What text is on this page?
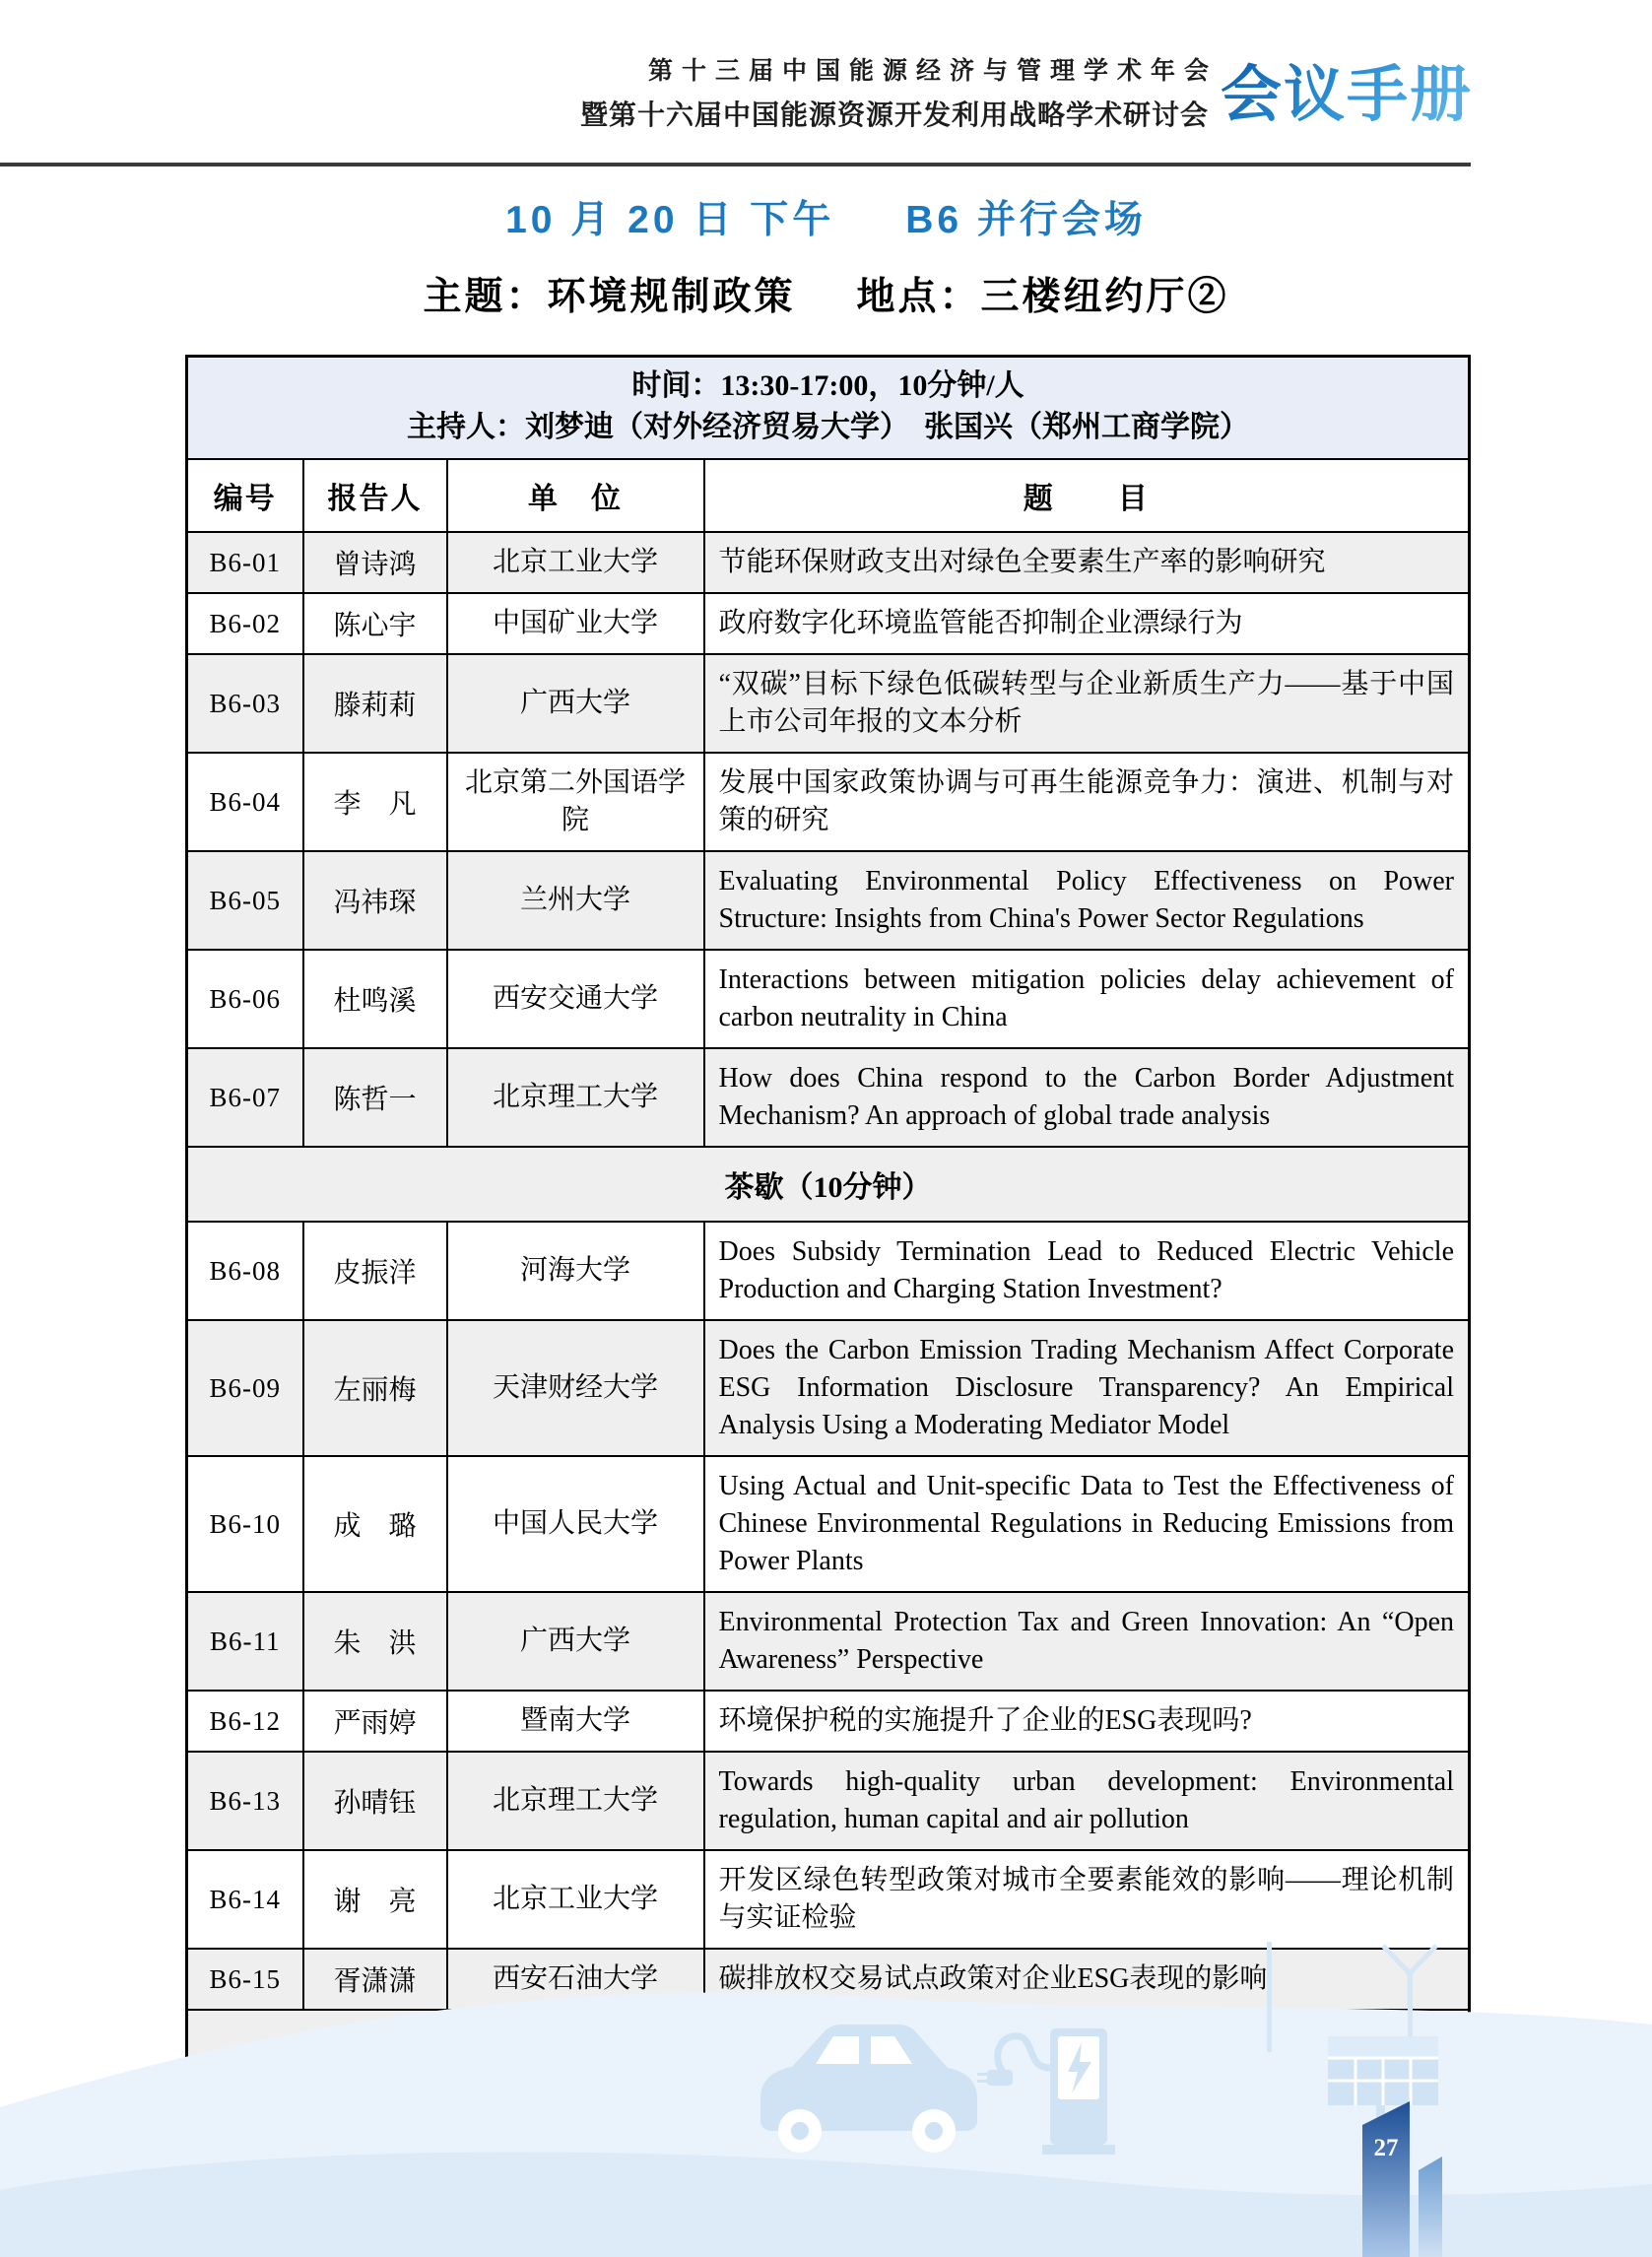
第十三届中国能源经济与管理学术年会
暨第十六届中国能源资源开发利用战略学术研讨会 会议手册
10 月 20 日 下午 B6 并行会场
主题：环境规制政策 地点：三楼纽约厅②
时间：13:30-17:00，10分钟/人
主持人：刘梦迪（对外经济贸易大学）　张国兴（郑州工商学院）			

编号	报告人	单　位	题　　目
B6-01	曾诗鸿	北京工业大学	节能环保财政支出对绿色全要素生产率的影响研究
B6-02	陈心宇	中国矿业大学	政府数字化环境监管能否抑制企业漂绿行为
B6-03	滕莉莉	广西大学	“双碳”目标下绿色低碳转型与企业新质生产力——基于中国上市公司年报的文本分析
B6-04	李　凡	北京第二外国语学院	发展中国家政策协调与可再生能源竞争力：演进、机制与对策的研究
B6-05	冯祎琛	兰州大学	Evaluating Environmental Policy Effectiveness on Power Structure: Insights from China's Power Sector Regulations
B6-06	杜鸣溪	西安交通大学	Interactions between mitigation policies delay achievement of carbon neutrality in China
B6-07	陈哲一	北京理工大学	How does China respond to the Carbon Border Adjustment Mechanism? An approach of global trade analysis
茶歇（10分钟）			
B6-08	皮振洋	河海大学	Does Subsidy Termination Lead to Reduced Electric Vehicle Production and Charging Station Investment?
B6-09	左丽梅	天津财经大学	Does the Carbon Emission Trading Mechanism Affect Corporate ESG Information Disclosure Transparency? An Empirical Analysis Using a Moderating Mediator Model
B6-10	成　璐	中国人民大学	Using Actual and Unit-specific Data to Test the Effectiveness of Chinese Environmental Regulations in Reducing Emissions from Power Plants
B6-11	朱　洪	广西大学	Environmental Protection Tax and Green Innovation: An “Open Awareness” Perspective
B6-12	严雨婷	暨南大学	环境保护税的实施提升了企业的ESG表现吗?
B6-13	孙晴钰	北京理工大学	Towards high-quality urban development: Environmental regulation, human capital and air pollution
B6-14	谢　亮	北京工业大学	开发区绿色转型政策对城市全要素能效的影响——理论机制与实证检验
B6-15	胥潇潇	西安石油大学	碳排放权交易试点政策对企业ESG表现的影响

27
